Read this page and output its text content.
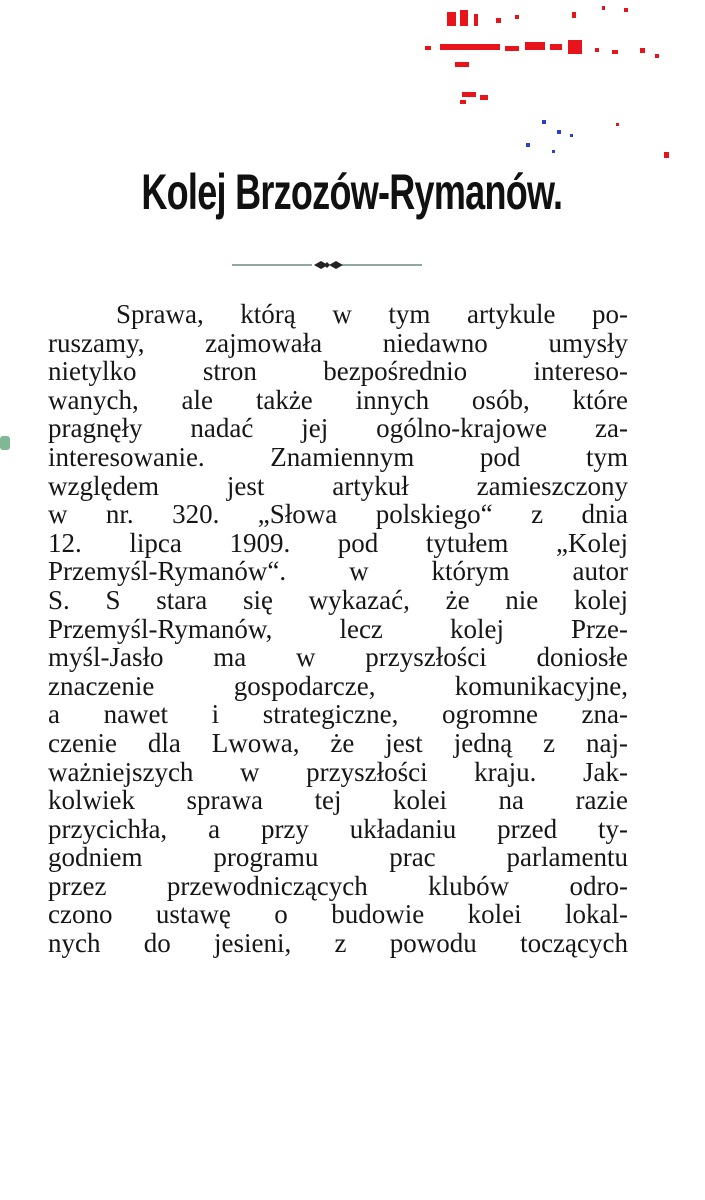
Kolej Brzozów-Rymanów.
Sprawa, którą w tym artykule po-
ruszamy, zajmowała niedawno umysły
nietylko stron bezpośrednio intereso-
wanych, ale także innych osób, które
pragnęły nadać jej ogólno-krajowe za-
interesowanie. Znamiennym pod tym
względem jest artykuł zamieszczony
w nr. 320. „Słowa polskiego“ z dnia
12. lipca 1909. pod tytułem „Kolej
Przemyśl-Rymanów“. w którym autor
S. S stara się wykazać, że nie kolej
Przemyśl-Rymanów, lecz kolej Prze-
myśl-Jasło ma w przyszłości doniosłe
znaczenie gospodarcze, komunikacyjne,
a nawet i strategiczne, ogromne zna-
czenie dla Lwowa, że jest jedną z naj-
ważniejszych w przyszłości kraju. Jak-
kolwiek sprawa tej kolei na razie
przycichła, a przy układaniu przed ty-
godniem programu prac parlamentu
przez przewodniczących klubów odro-
czono ustawę o budowie kolei lokal-
nych do jesieni, z powodu toczących
